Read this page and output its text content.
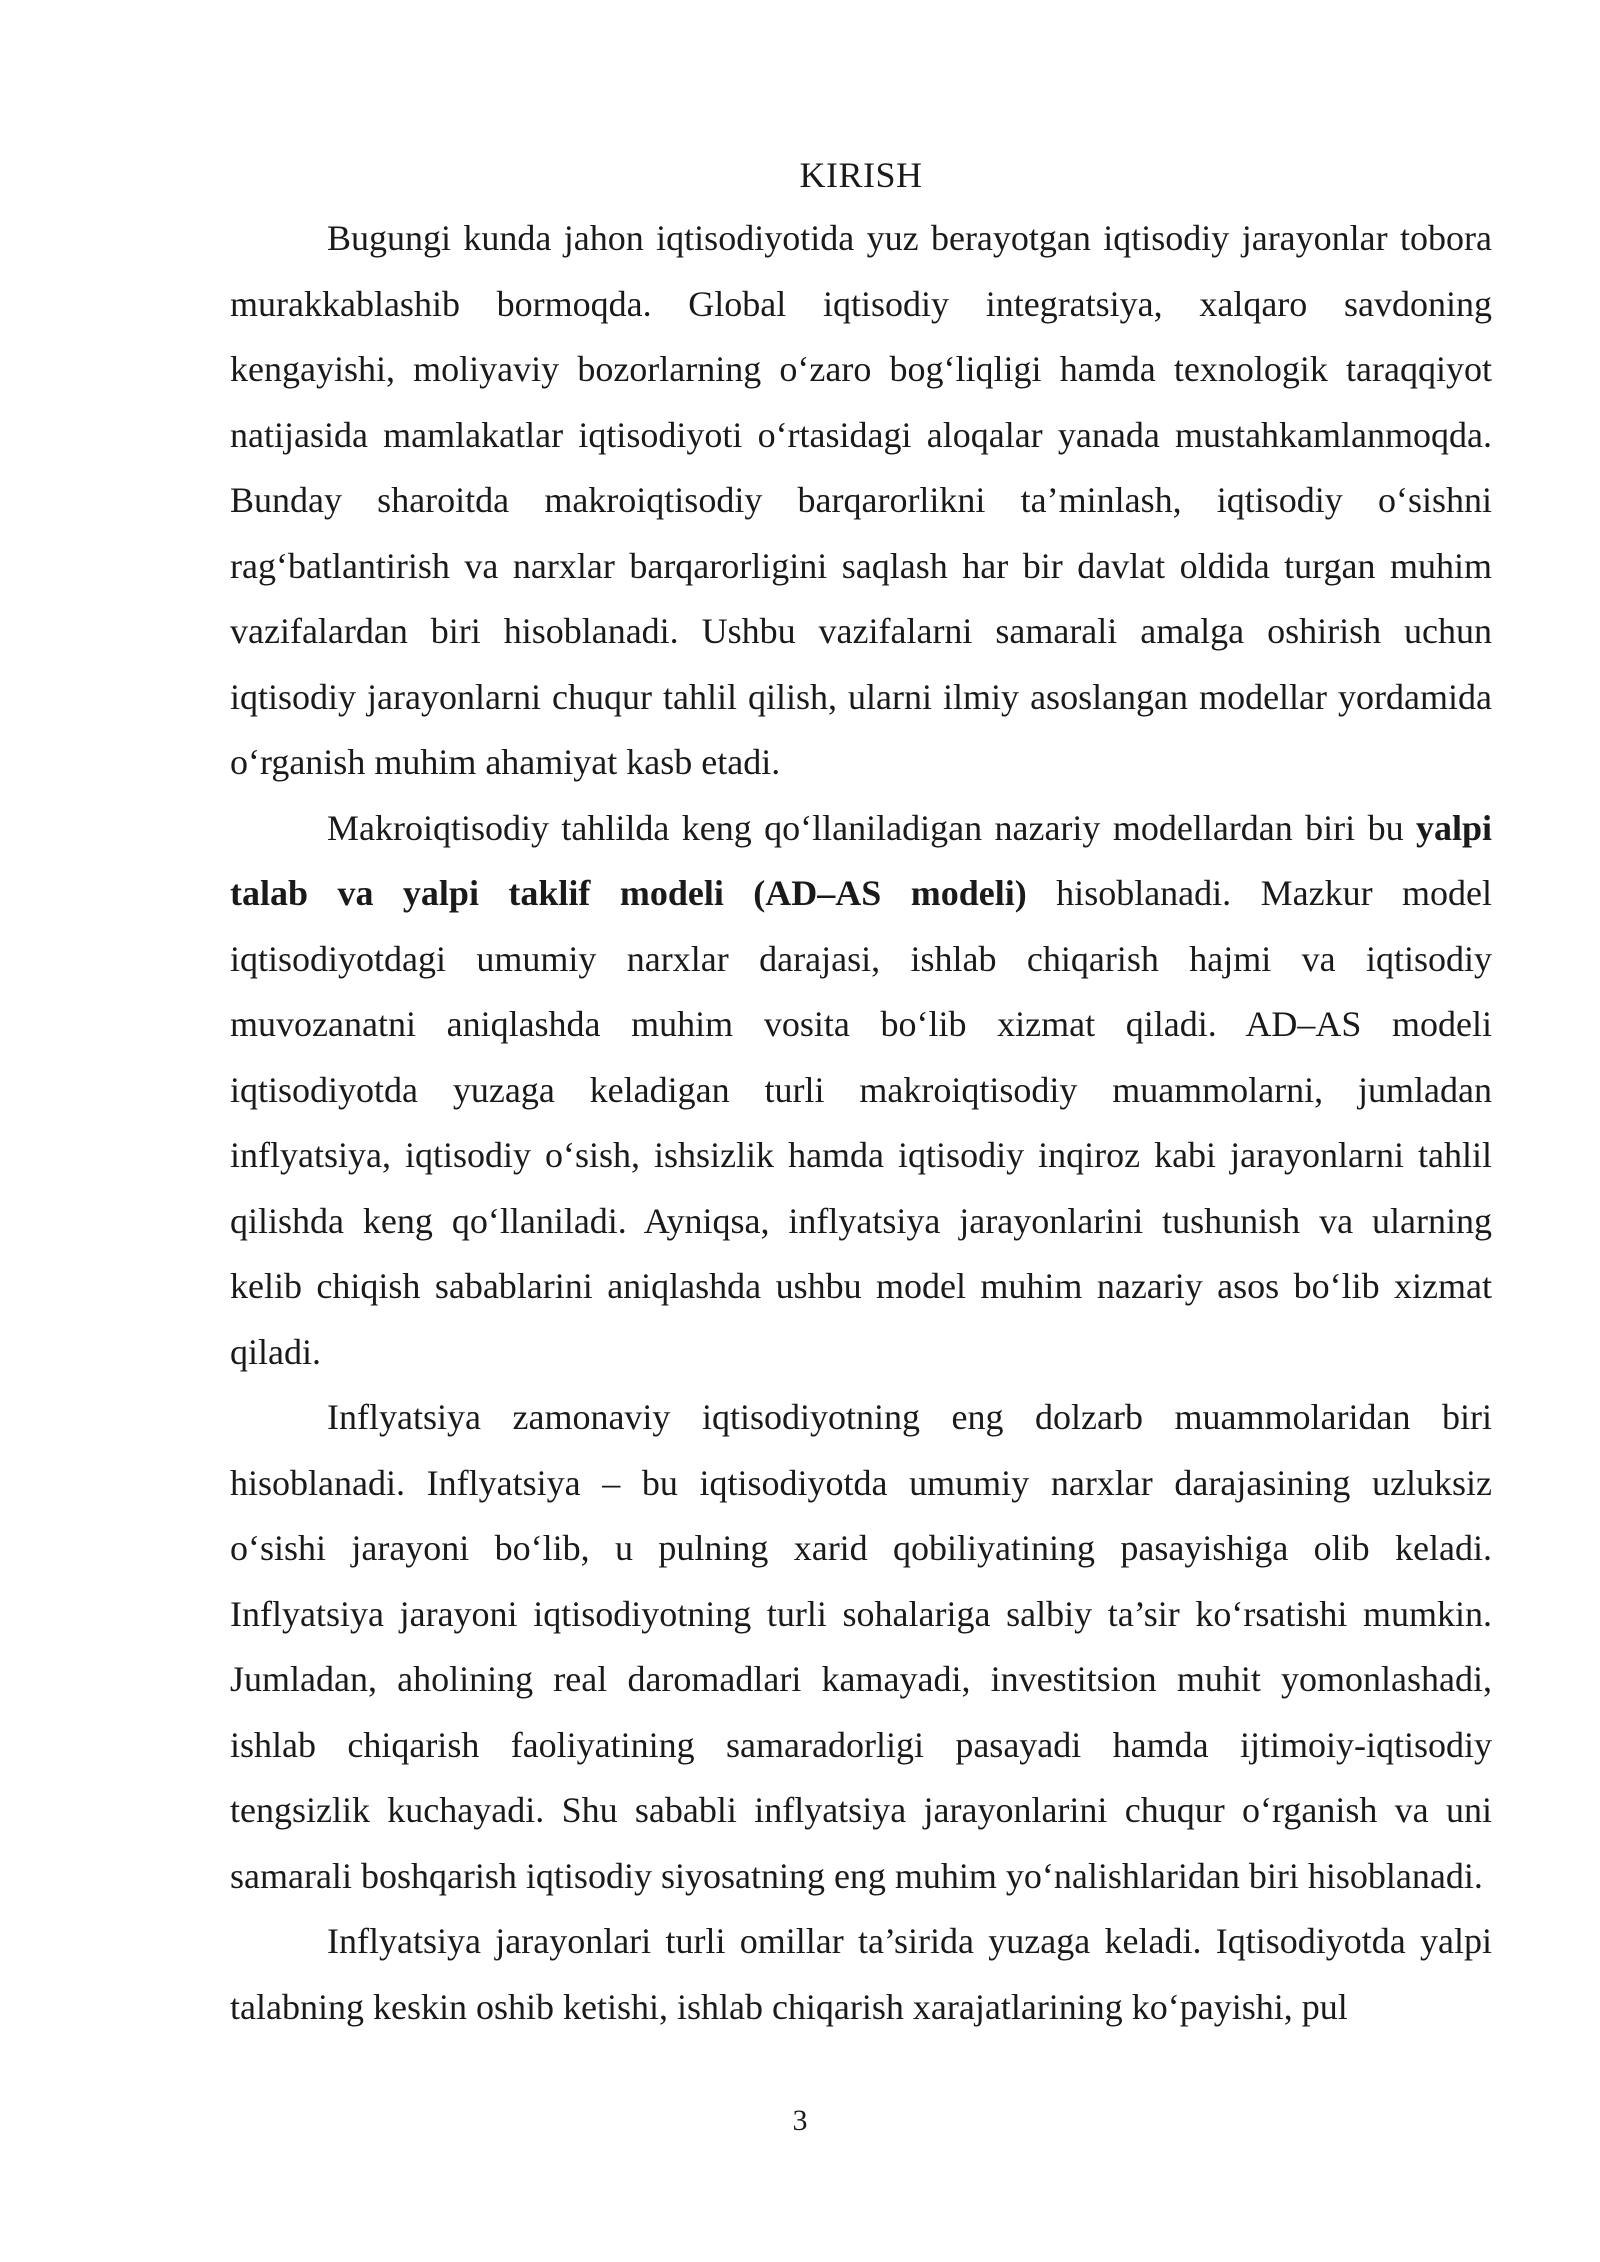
KIRISH

Bugungi kunda jahon iqtisodiyotida yuz berayotgan iqtisodiy jarayonlar tobora murakkablashib bormoqda. Global iqtisodiy integratsiya, xalqaro savdoning kengayishi, moliyaviy bozorlarning o‘zaro bog‘liqligi hamda texnologik taraqqiyot natijasida mamlakatlar iqtisodiyoti o‘rtasidagi aloqalar yanada mustahkamlanmoqda. Bunday sharoitda makroiqtisodiy barqarorlikni ta’minlash, iqtisodiy o‘sishni rag‘batlantirish va narxlar barqarorligini saqlash har bir davlat oldida turgan muhim vazifalardan biri hisoblanadi. Ushbu vazifalarni samarali amalga oshirish uchun iqtisodiy jarayonlarni chuqur tahlil qilish, ularni ilmiy asoslangan modellar yordamida o‘rganish muhim ahamiyat kasb etadi.

Makroiqtisodiy tahlilda keng qo‘llaniladigan nazariy modellardan biri bu yalpi talab va yalpi taklif modeli (AD–AS modeli) hisoblanadi. Mazkur model iqtisodiyotdagi umumiy narxlar darajasi, ishlab chiqarish hajmi va iqtisodiy muvozanatni aniqlashda muhim vosita bo‘lib xizmat qiladi. AD–AS modeli iqtisodiyotda yuzaga keladigan turli makroiqtisodiy muammolarni, jumladan inflyatsiya, iqtisodiy o‘sish, ishsizlik hamda iqtisodiy inqiroz kabi jarayonlarni tahlil qilishda keng qo‘llaniladi. Ayniqsa, inflyatsiya jarayonlarini tushunish va ularning kelib chiqish sabablarini aniqlashda ushbu model muhim nazariy asos bo‘lib xizmat qiladi.

Inflyatsiya zamonaviy iqtisodiyotning eng dolzarb muammolaridan biri hisoblanadi. Inflyatsiya – bu iqtisodiyotda umumiy narxlar darajasining uzluksiz o‘sishi jarayoni bo‘lib, u pulning xarid qobiliyatining pasayishiga olib keladi. Inflyatsiya jarayoni iqtisodiyotning turli sohalariga salbiy ta’sir ko‘rsatishi mumkin. Jumladan, aholining real daromadlari kamayadi, investitsion muhit yomonlashadi, ishlab chiqarish faoliyatining samaradorligi pasayadi hamda ijtimoiy-iqtisodiy tengsizlik kuchayadi. Shu sababli inflyatsiya jarayonlarini chuqur o‘rganish va uni samarali boshqarish iqtisodiy siyosatning eng muhim yo‘nalishlaridan biri hisoblanadi.

Inflyatsiya jarayonlari turli omillar ta’sirida yuzaga keladi. Iqtisodiyotda yalpi talabning keskin oshib ketishi, ishlab chiqarish xarajatlarining ko‘payishi, pul

3
